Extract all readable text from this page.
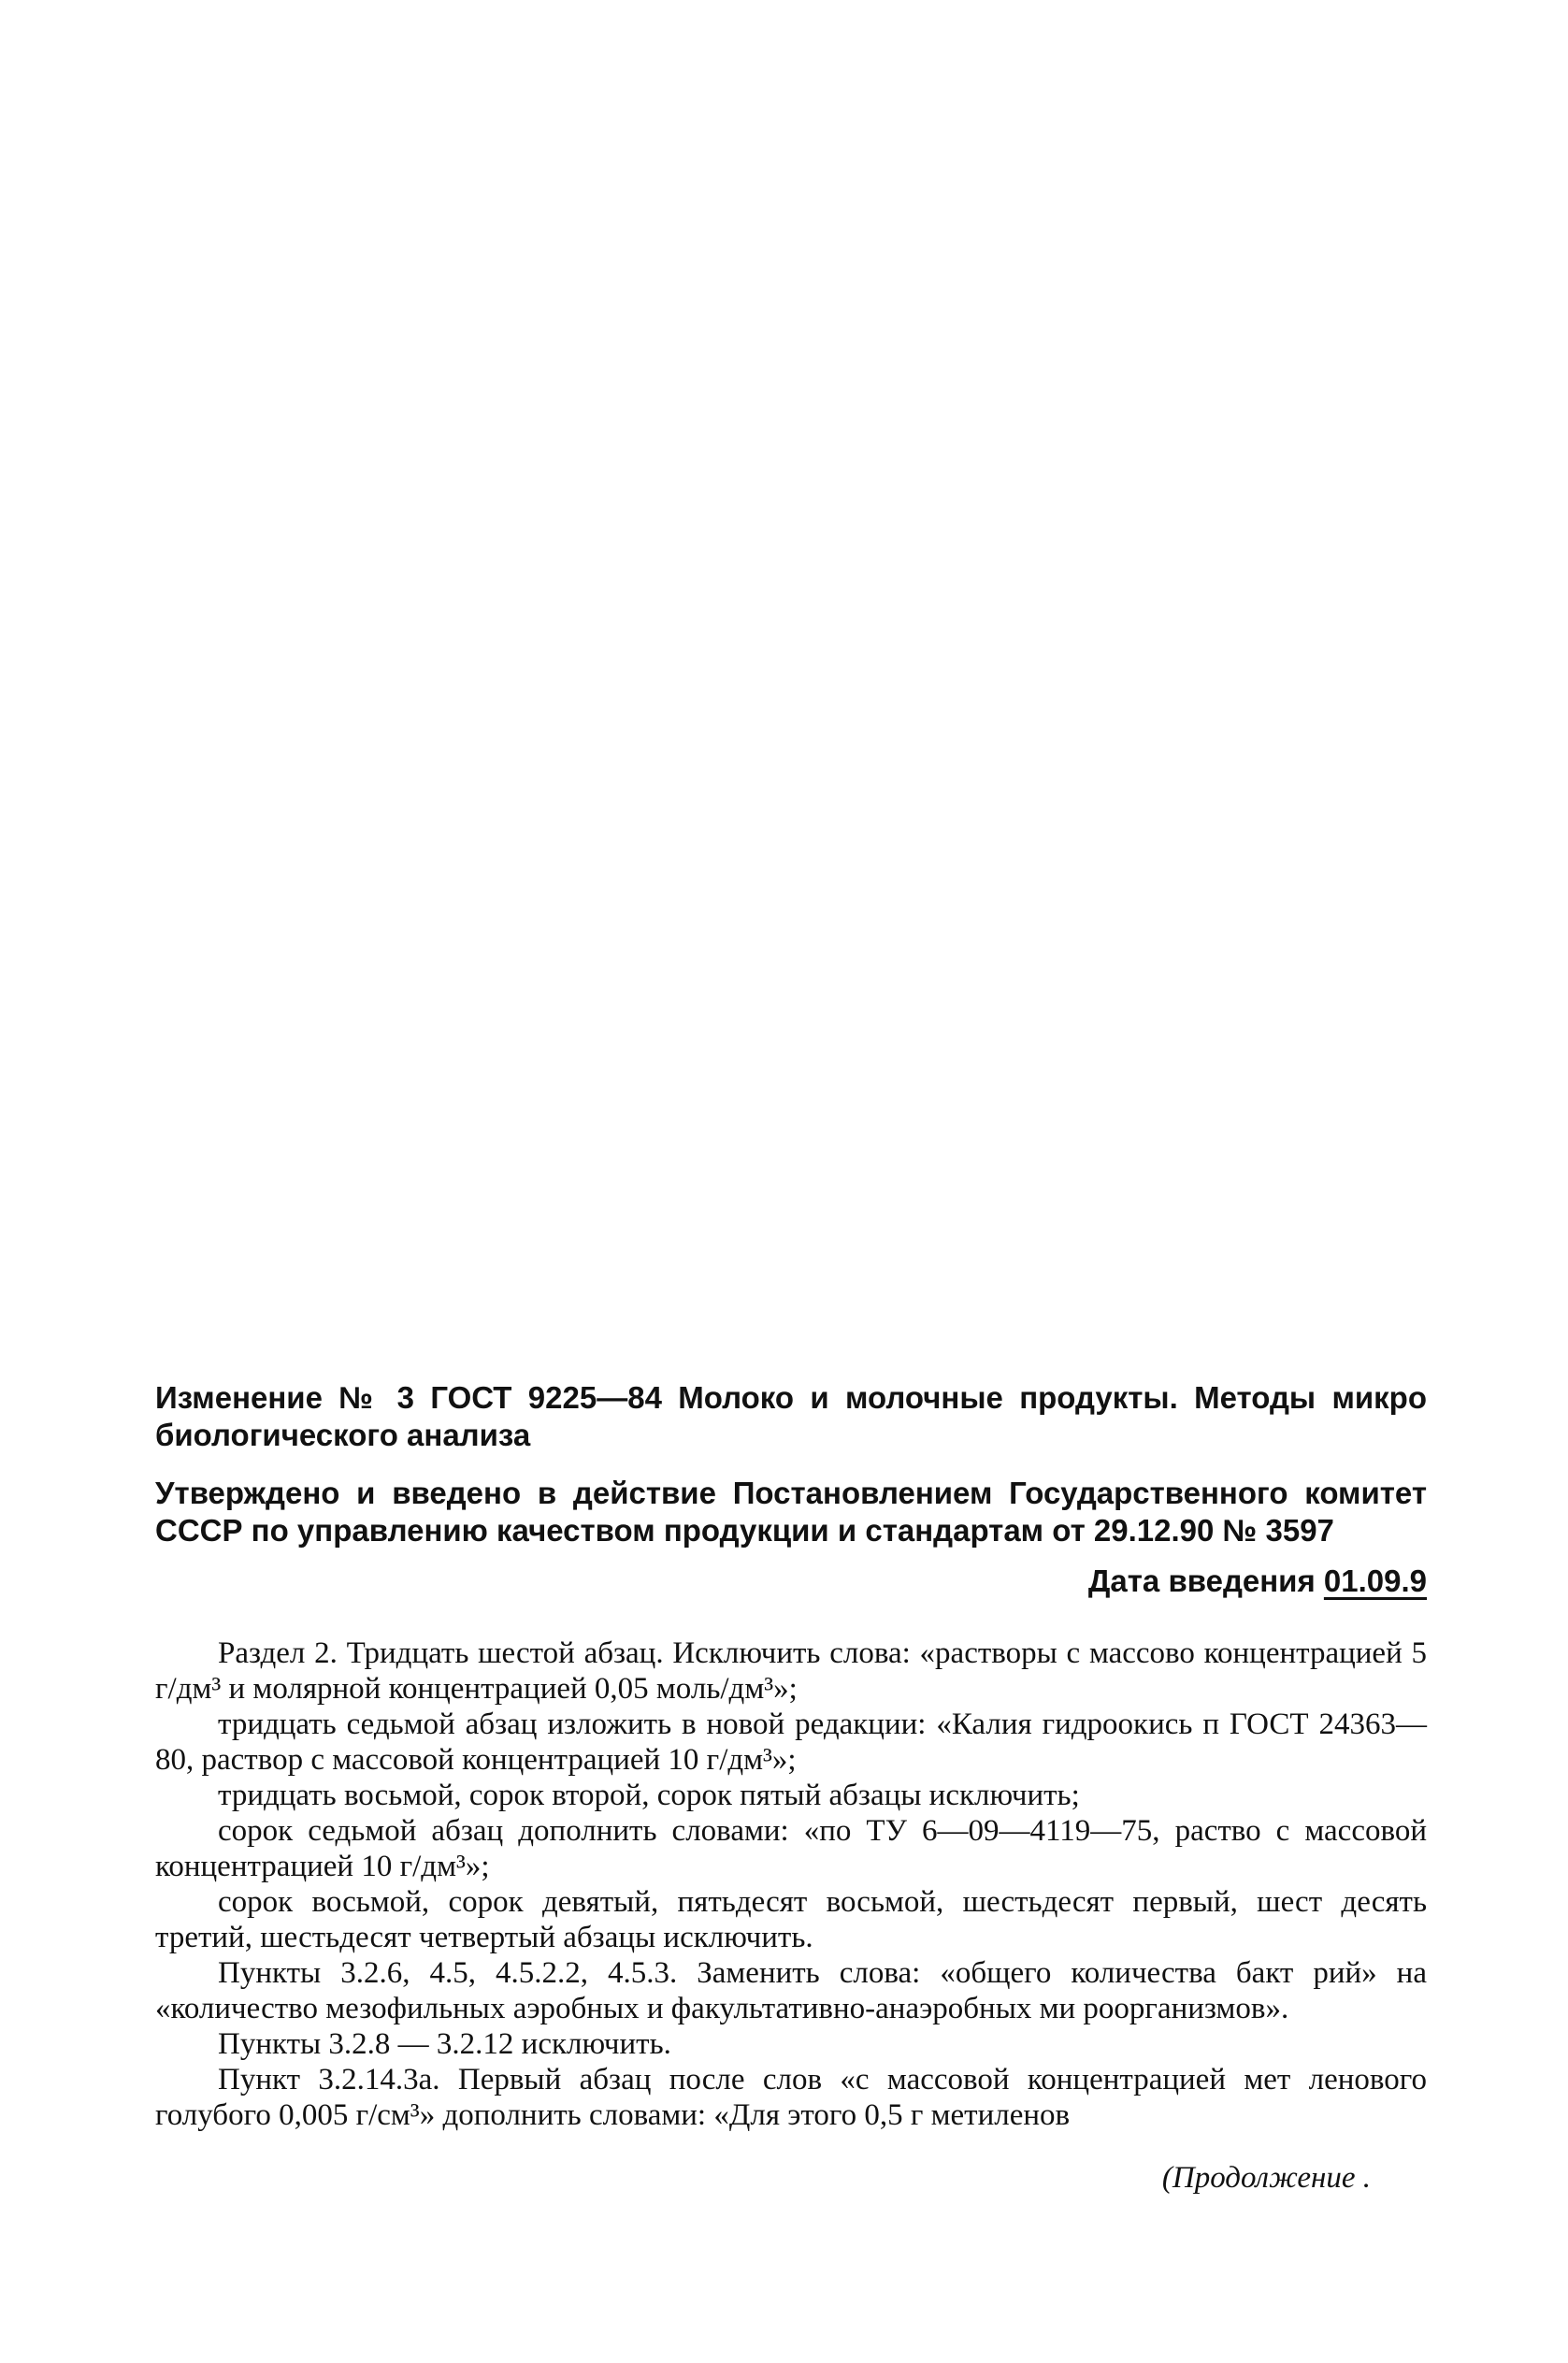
Изменение № 3 ГОСТ 9225—84 Молоко и молочные продукты. Методы микро биологического анализа

Утверждено и введено в действие Постановлением Государственного комитет СССР по управлению качеством продукции и стандартам от 29.12.90 № 3597

Дата введения 01.09.9

Раздел 2. Тридцать шестой абзац. Исключить слова: «растворы с массово концентрацией 5 г/дм³ и молярной концентрацией 0,05 моль/дм³»;

тридцать седьмой абзац изложить в новой редакции: «Калия гидроокись п ГОСТ 24363—80, раствор с массовой концентрацией 10 г/дм³»;

тридцать восьмой, сорок второй, сорок пятый абзацы исключить;

сорок седьмой абзац дополнить словами: «по ТУ 6—09—4119—75, раство с массовой концентрацией 10 г/дм³»;

сорок восьмой, сорок девятый, пятьдесят восьмой, шестьдесят первый, шест десять третий, шестьдесят четвертый абзацы исключить.

Пункты 3.2.6, 4.5, 4.5.2.2, 4.5.3. Заменить слова: «общего количества бакт рий» на «количество мезофильных аэробных и факультативно-анаэробных ми роорганизмов».

Пункты 3.2.8 — 3.2.12 исключить.

Пункт 3.2.14.3а. Первый абзац после слов «с массовой концентрацией мет ленового голубого 0,005 г/см³» дополнить словами: «Для этого 0,5 г метиленов

(Продолжение .
